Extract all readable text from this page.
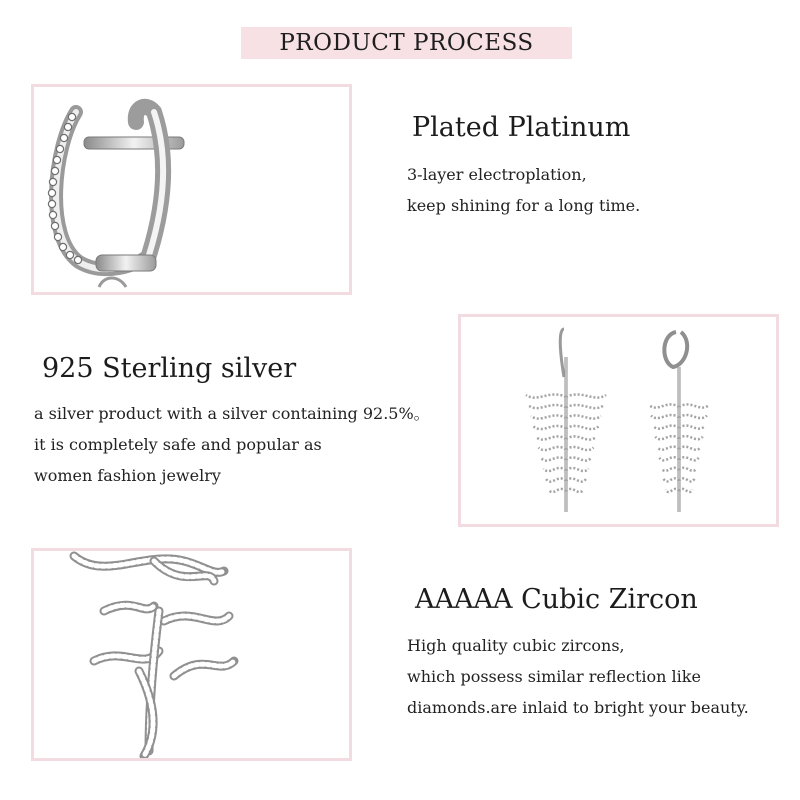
PRODUCT PROCESS
Plated Platinum
3-layer electroplation,
keep shining for a long time.
925 Sterling silver
a silver product with a silver containing 92.5%。
it is completely safe and popular as
women fashion jewelry
AAAAA Cubic Zircon
High quality cubic zircons,
which possess similar reflection like
diamonds.are inlaid to bright your beauty.
